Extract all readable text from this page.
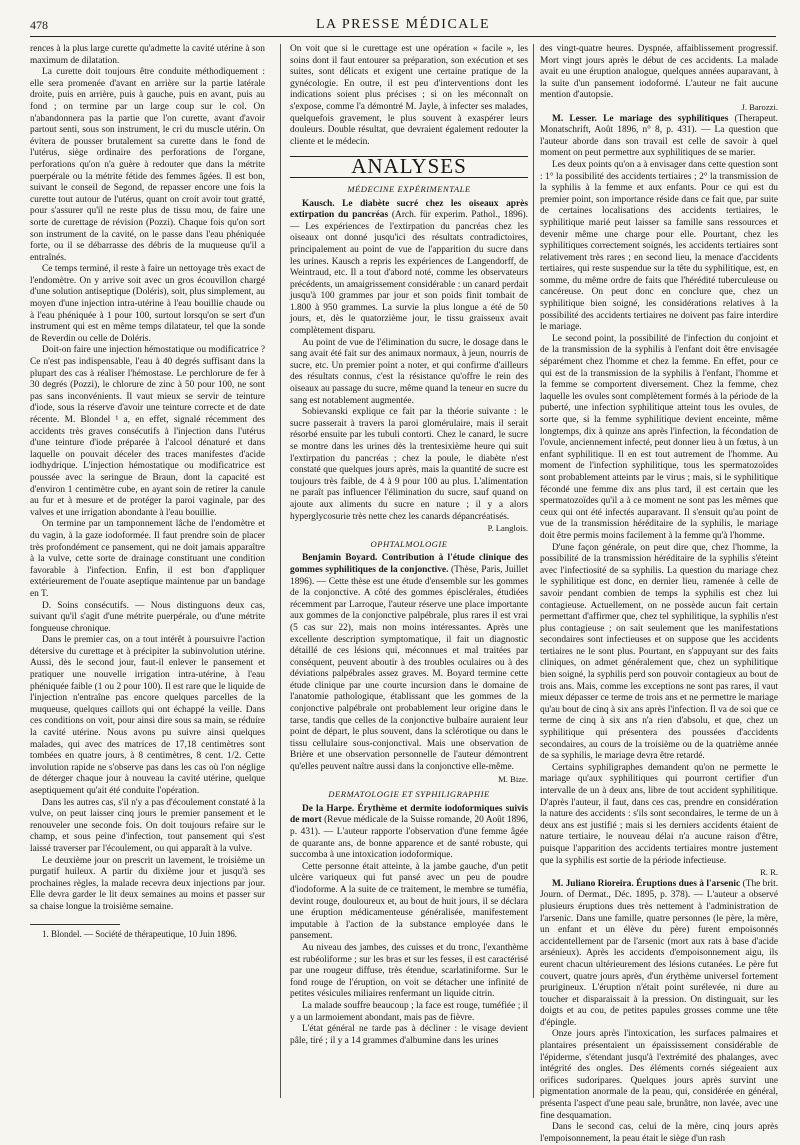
478	LA PRESSE MÉDICALE

rences à la plus large curette qu'admette la cavité utérine à son maximum de dilatation.

La curette doit toujours être conduite méthodiquement : elle sera promenée d'avant en arrière sur la partie latérale droite, puis en arrière, puis à gauche, puis en avant, puis au fond ; on termine par un large coup sur le col. On n'abandonnera pas la partie que l'on curette, avant d'avoir partout senti, sous son instrument, le cri du muscle utérin. On évitera de pousser brutalement sa curette dans le fond de l'utérus, siège ordinaire des perforations de l'organe, perforations qu'on n'a guère à redouter que dans la métrite puerpérale ou la métrite fétide des femmes âgées. Il est bon, suivant le conseil de Segond, de repasser encore une fois la curette tout autour de l'utérus, quant on croit avoir tout gratté, pour s'assurer qu'il ne reste plus de tissu mou, de faire une sorte de curettage de révision (Pozzi). Chaque fois qu'on sort son instrument de la cavité, on le passe dans l'eau phéniquée forte, ou il se débarrasse des débris de la muqueuse qu'il a entraînés.

Ce temps terminé, il reste à faire un nettoyage très exact de l'endomètre. On y arrive soit avec un gros écouvillon chargé d'une solution antiseptique (Doléris), soit, plus simplement, au moyen d'une injection intra-utérine à l'eau bouillie chaude ou à l'eau phéniquée à 1 pour 100, surtout lorsqu'on se sert d'un instrument qui est en même temps dilatateur, tel que la sonde de Reverdin ou celle de Doléris.

Doit-on faire une injection hémostatique ou modificatrice ? Ce n'est pas indispensable, l'eau à 40 degrés suffisant dans la plupart des cas à réaliser l'hémostase. Le perchlorure de fer à 30 degrés (Pozzi), le chlorure de zinc à 50 pour 100, ne sont pas sans inconvénients. Il vaut mieux se servir de teinture d'iode, sous la réserve d'avoir une teinture correcte et de date récente. M. Blondel ¹ a, en effet, signalé récemment des accidents très graves consécutifs à l'injection dans l'utérus d'une teinture d'iode préparée à l'alcool dénaturé et dans laquelle on pouvait déceler des traces manifestes d'acide iodhydrique. L'injection hémostatique ou modificatrice est poussée avec la seringue de Braun, dont la capacité est d'environ 1 centimètre cube, en ayant soin de retirer la canule au fur et à mesure et de protéger la paroi vaginale, par des valves et une irrigation abondante à l'eau bouillie.

On termine par un tamponnement lâche de l'endomètre et du vagin, à la gaze iodoformée. Il faut prendre soin de placer très profondément ce pansement, qui ne doit jamais apparaître à la vulve, cette sorte de drainage constituant une condition favorable à l'infection. Enfin, il est bon d'appliquer extérieurement de l'ouate aseptique maintenue par un bandage en T.

D. Soins consécutifs. — Nous distinguons deux cas, suivant qu'il s'agit d'une métrite puerpérale, ou d'une métrite fongueuse chronique.

Dans le premier cas, on a tout intérêt à poursuivre l'action détersive du curettage et à précipiter la subinvolution utérine. Aussi, dès le second jour, faut-il enlever le pansement et pratiquer une nouvelle irrigation intra-utérine, à l'eau phéniquée faible (1 ou 2 pour 100). Il est rare que le liquide de l'injection n'entraîne pas encore quelques parcelles de la muqueuse, quelques caillots qui ont échappé la veille. Dans ces conditions on voit, pour ainsi dire sous sa main, se réduire la cavité utérine. Nous avons pu suivre ainsi quelques malades, qui avec des matrices de 17,18 centimètres sont tombées en quatre jours, à 8 centimètres, 8 cent. 1/2. Cette involution rapide ne s'observe pas dans les cas où l'on néglige de déterger chaque jour à nouveau la cavité utérine, quelque aseptiquement qu'ait été conduite l'opération.

Dans les autres cas, s'il n'y a pas d'écoulement constaté à la vulve, on peut laisser cinq jours le premier pansement et le renouveler une seconde fois. On doit toujours refaire sur le champ, et sous peine d'infection, tout pansement qui s'est laissé traverser par l'écoulement, ou qui apparaît à la vulve.

Le deuxième jour on prescrit un lavement, le troisième un purgatif huileux. A partir du dixième jour et jusqu'à ses prochaines règles, la malade recevra deux injections par jour. Elle devra garder le lit deux semaines au moins et passer sur sa chaise longue la troisième semaine.

1. Blondel. — Société de thérapeutique, 10 Juin 1896.

On voit que si le curettage est une opération « facile », les soins dont il faut entourer sa préparation, son exécution et ses suites, sont délicats et exigent une certaine pratique de la gynécologie. En outre, il est peu d'interventions dont les indications soient plus précises ; si on les méconnaît on s'expose, comme l'a démontré M. Jayle, à infecter ses malades, quelquefois gravement, le plus souvent à exaspérer leurs douleurs. Double résultat, que devraient également redouter la cliente et le médecin.

ANALYSES
MÉDECINE EXPÉRIMENTALE

Kausch. Le diabète sucré chez les oiseaux après extirpation du pancréas (Arch. für experim. Pathol., 1896). — Les expériences de l'extirpation du pancréas chez les oiseaux ont donné jusqu'ici des résultats contradictoires, principalement au point de vue de l'apparition du sucre dans les urines. Kausch a repris les expériences de Langendorff, de Weintraud, etc. Il a tout d'abord noté, comme les observateurs précédents, un amaigrissement considérable : un canard perdait jusqu'à 100 grammes par jour et son poids finit tombait de 1.800 à 950 grammes. La survie la plus longue a été de 50 jours, et, dès le quatorzième jour, le tissu graisseux avait complètement disparu.

Au point de vue de l'élimination du sucre, le dosage dans le sang avait été fait sur des animaux normaux, à jeun, nourris de sucre, etc. Un premier point a noter, et qui confirme d'ailleurs des résultats connus, c'est la résistance qu'offre le rein des oiseaux au passage du sucre, même quand la teneur en sucre du sang est notablement augmentée.

Sobievanski explique ce fait par la théorie suivante : le sucre passerait à travers la paroi glomérulaire, mais il serait résorbé ensuite par les tubuli contorti. Chez le canard, le sucre se montre dans les urines dès la trentesixième heure qui suit l'extirpation du pancréas ; chez la poule, le diabète n'est constaté que quelques jours après, mais la quantité de sucre est toujours très faible, de 4 à 9 pour 100 au plus. L'alimentation ne paraît pas influencer l'élimination du sucre, sauf quand on ajoute aux aliments du sucre en nature ; il y a alors hyperglycosurie très nette chez les canards dépancréatisés.

P. Langlois.

OPHTALMOLOGIE

Benjamin Boyard. Contribution à l'étude clinique des gommes syphilitiques de la conjonctive. (Thèse, Paris, Juillet 1896). — Cette thèse est une étude d'ensemble sur les gommes de la conjonctive. A côté des gommes épisclérales, étudiées récemment par Larroque, l'auteur réserve une place importante aux gommes de la conjonctive palpébrale, plus rares il est vrai (5 cas sur 22), mais non moins intéressantes. Après une excellente description symptomatique, il fait un diagnostic détaillé de ces lésions qui, méconnues et mal traitées par conséquent, peuvent aboutir à des troubles oculaires ou à des déviations palpébrales assez graves. M. Boyard termine cette étude clinique par une courte incursion dans le domaine de l'anatomie pathologique, établissant que les gommes de la conjonctive palpébrale ont probablement leur origine dans le tarse, tandis que celles de la conjonctive bulbaire auraient leur point de départ, le plus souvent, dans la sclérotique ou dans le tissu cellulaire sous-conjonctival. Mais une observation de Brière et une observation personnelle de l'auteur démontrent qu'elles peuvent naître aussi dans la conjonctive elle-même.

M. Bize.

DERMATOLOGIE ET SYPHILIGRAPHIE

De la Harpe. Érythème et dermite iodoformiques suivis de mort (Revue médicale de la Suisse romande, 20 Août 1896, p. 431). — L'auteur rapporte l'observation d'une femme âgée de quarante ans, de bonne apparence et de santé robuste, qui succomba à une intoxication iodoformique.

Cette personne était atteinte, à la jambe gauche, d'un petit ulcère variqueux qui fut pansé avec un peu de poudre d'iodoforme. A la suite de ce traitement, le membre se tuméfia, devint rouge, douloureux et, au bout de huit jours, il se déclara une éruption médicamenteuse généralisée, manifestement imputable à l'action de la substance employée dans le pansement.

Au niveau des jambes, des cuisses et du tronc, l'exanthème est rubéoliforme ; sur les bras et sur les fesses, il est caractérisé par une rougeur diffuse, très étendue, scarlatiniforme. Sur le fond rouge de l'éruption, on voit se détacher une infinité de petites vésicules miliaires renfermant un liquide citrin.

La malade souffre beaucoup ; la face est rouge, tuméfiée ; il y a un larmoiement abondant, mais pas de fièvre.

L'état général ne tarde pas à décliner : le visage devient pâle, tiré ; il y a 14 grammes d'albumine dans les urines

des vingt-quatre heures. Dyspnée, affaiblissement progressif. Mort vingt jours après le début de ces accidents. La malade avait eu une éruption analogue, quelques années auparavant, à la suite d'un pansement iodoformé. L'auteur ne fait aucune mention d'autopsie.

J. Barozzi.

M. Lesser. Le mariage des syphilitiques (Therapeut. Monatschrift, Août 1896, n° 8, p. 431). — La question que l'auteur aborde dans son travail est celle de savoir à quel moment on peut permettre aux syphilitiques de se marier.

Les deux points qu'on a à envisager dans cette question sont : 1° la possibilité des accidents tertiaires ; 2° la transmission de la syphilis à la femme et aux enfants. Pour ce qui est du premier point, son importance réside dans ce fait que, par suite de certaines localisations des accidents tertiaires, le syphilitique marié peut laisser sa famille sans ressources et devenir même une charge pour elle. Pourtant, chez les syphilitiques correctement soignés, les accidents tertiaires sont relativement très rares ; en second lieu, la menace d'accidents tertiaires, qui reste suspendue sur la tête du syphilitique, est, en somme, du même ordre de faits que l'hérédité tuberculeuse ou cancéreuse. On peut donc en conclure que, chez un syphilitique bien soigné, les considérations relatives à la possibilité des accidents tertiaires ne doivent pas faire interdire le mariage.

Le second point, la possibilité de l'infection du conjoint et de la transmission de la syphilis à l'enfant doit être envisagée séparément chez l'homme et chez la femme. En effet, pour ce qui est de la transmission de la syphilis à l'enfant, l'homme et la femme se comportent diversement. Chez la femme, chez laquelle les ovules sont complètement formés à la période de la puberté, une infection syphilitique atteint tous les ovules, de sorte que, si la femme syphilitique devient enceinte, même longtemps, dix à quinze ans après l'infection, la fécondation de l'ovule, anciennement infecté, peut donner lieu à un fœtus, à un enfant syphilitique. Il en est tout autrement de l'homme. Au moment de l'infection syphilitique, tous les spermatozoïdes sont probablement atteints par le virus ; mais, si le syphilitique fécondé une femme dix ans plus tard, il est certain que les spermatozoïdes qu'il a à ce moment ne sont pas les mêmes que ceux qui ont été infectés auparavant. Il s'ensuit qu'au point de vue de la transmission héréditaire de la syphilis, le mariage doit être permis moins facilement à la femme qu'à l'homme.

D'une façon générale, on peut dire que, chez l'homme, la possibilité de la transmission héréditaire de la syphilis s'éteint avec l'infectiosité de sa syphilis. La question du mariage chez le syphilitique est donc, en dernier lieu, ramenée à celle de savoir pendant combien de temps la syphilis est chez lui contagieuse. Actuellement, on ne possède aucun fait certain permettant d'affirmer que, chez tel syphilitique, la syphilis n'est plus contagieuse ; on sait seulement que les manifestations secondaires sont infectieuses et on suppose que les accidents tertiaires ne le sont plus. Pourtant, en s'appuyant sur des faits cliniques, on admet généralement que, chez un syphilitique bien soigné, la syphilis perd son pouvoir contagieux au bout de trois ans. Mais, comme les exceptions ne sont pas rares, il vaut mieux dépasser ce terme de trois ans et ne permettre le mariage qu'au bout de cinq à six ans après l'infection. Il va de soi que ce terme de cinq à six ans n'a rien d'absolu, et que, chez un syphilitique qui présentera des poussées d'accidents secondaires, au cours de la troisième ou de la quatrième année de sa syphilis, le mariage devra être retardé.

Certains syphiligraphes demandent qu'on ne permette le mariage qu'aux syphilitiques qui pourront certifier d'un intervalle de un à deux ans, libre de tout accident syphilitique. D'après l'auteur, il faut, dans ces cas, prendre en considération la nature des accidents : s'ils sont secondaires, le terme de un à deux ans est justifié ; mais si les derniers accidents étaient de nature tertiaire, le nouveau délai n'a aucune raison d'être, puisque l'apparition des accidents tertiaires montre justement que la syphilis est sortie de la période infectieuse.

R. R.

M. Juliano Rioreira. Éruptions dues à l'arsenic (The brit. Journ. of Dermat., Déc. 1895, p. 378). — L'auteur a observé plusieurs éruptions dues très nettement à l'administration de l'arsenic. Dans une famille, quatre personnes (le père, la mère, un enfant et un élève du père) furent empoisonnés accidentellement par de l'arsenic (mort aux rats à base d'acide arsénieux). Après les accidents d'empoisonnement aigu, ils eurent chacun ultérieurement des lésions cutanées. Le père fut couvert, quatre jours après, d'un érythème universel fortement prurigineux. L'éruption n'était point surélevée, ni dure au toucher et disparaissait à la pression. On distinguait, sur les doigts et au cou, de petites papules grosses comme une tête d'épingle.

Onze jours après l'intoxication, les surfaces palmaires et plantaires présentaient un épaississement considérable de l'épiderme, s'étendant jusqu'à l'extrémité des phalanges, avec intégrité des ongles. Des éléments cornés siégeaient aux orifices sudoripares. Quelques jours après survint une pigmentation anormale de la peau, qui, considérée en général, présenta l'aspect d'une peau sale, brunâtre, non lavée, avec une fine desquamation.

Dans le second cas, celui de la mère, cinq jours après l'empoisonnement, la peau était le siège d'un rash
